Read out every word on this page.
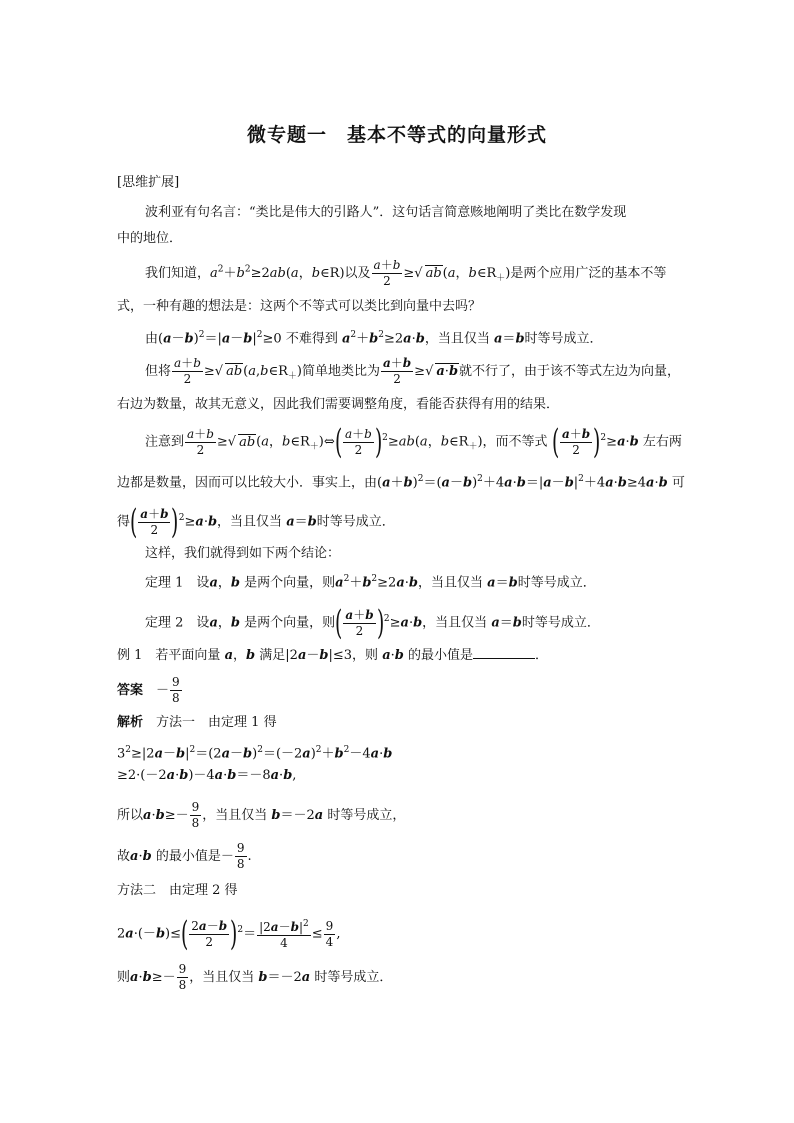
微专题一　基本不等式的向量形式
[思维扩展]
波利亚有句名言：“类比是伟大的引路人”．这句话言简意赅地阐明了类比在数学发现
中的地位．
我们知道，$a^2+b^2\ge 2ab(a$，b∈R)以及 $\frac{a+b}{2}$ ≥√ ab(a，$b\in R_+$)是两个应用广泛的基本不等
式，一种有趣的想法是：这两个不等式可以类比到向量中去吗？
由$(a-b)^2=|a-b|^2\ge 0$ 不难得到 $a^2+b^2\ge 2a\cdot b$，当且仅当 a＝b时等号成立．
但将 $\frac{a+b}{2}$ ≥√ $ab(a,b\in R_+)$简单地类比为 $\frac{a+b}{2}$ ≥√ a·b就不行了，由于该不等式左边为向量，
右边为数量，故其无意义，因此我们需要调整角度，看能否获得有用的结果．
注意到 $\frac{a+b}{2}$ ≥√ ab(a，$b\in R_+)\Leftrightarrow( \frac{a+b}{2} )^2\ge ab(a$，$b\in R_+$)，而不等式 ( $\frac{a+b}{2} )^2\ge a\cdot b$ 左右两
边都是数量，因而可以比较大小．事实上，由$(a+b)^2=(a-b)^2+4a\cdot b=|a-b|^2+4a\cdot b\ge 4a\cdot b$ 可
得( $\frac{a+b}{2} )^2\ge a\cdot b$，当且仅当 a＝b时等号成立．
这样，我们就得到如下两个结论：
定理 1　 设a，b 是两个向量，则$a^2+b^2\ge 2a\cdot b$，当且仅当 a＝b时等号成立．
定理 2　 设a，b 是两个向量，则( $\frac{a+b}{2} )^2\ge a\cdot b$，当且仅当 a＝b时等号成立．
例 1　 若平面向量 a，b 满足|2a－b|≤3，则 a·b 的最小值是	．
答案　－ $\frac{9}{8}$
解析　 方法一　由定理 1 得
$3^2\ge|2a-b|^2=(2a-b)^2=(-2a)^2+b^2-4a\cdot b$
≥2·(－2a·b)－4a·b＝－8a·b,
所以$a\cdot b\ge- \frac{9}{8}$ ，当且仅当 b＝－2a 时等号成立，
故a·b 的最小值是－ $\frac{9}{8}$ .
方法二　由定理 2 得
$2a\cdot(-b)\le( \frac{2a-b}{2} )^2= \frac{|2a-b|^2}{4} \le \frac{9}{4}$ ,
则$a\cdot b\ge- \frac{9}{8}$ ，当且仅当 b＝－2a 时等号成立．
